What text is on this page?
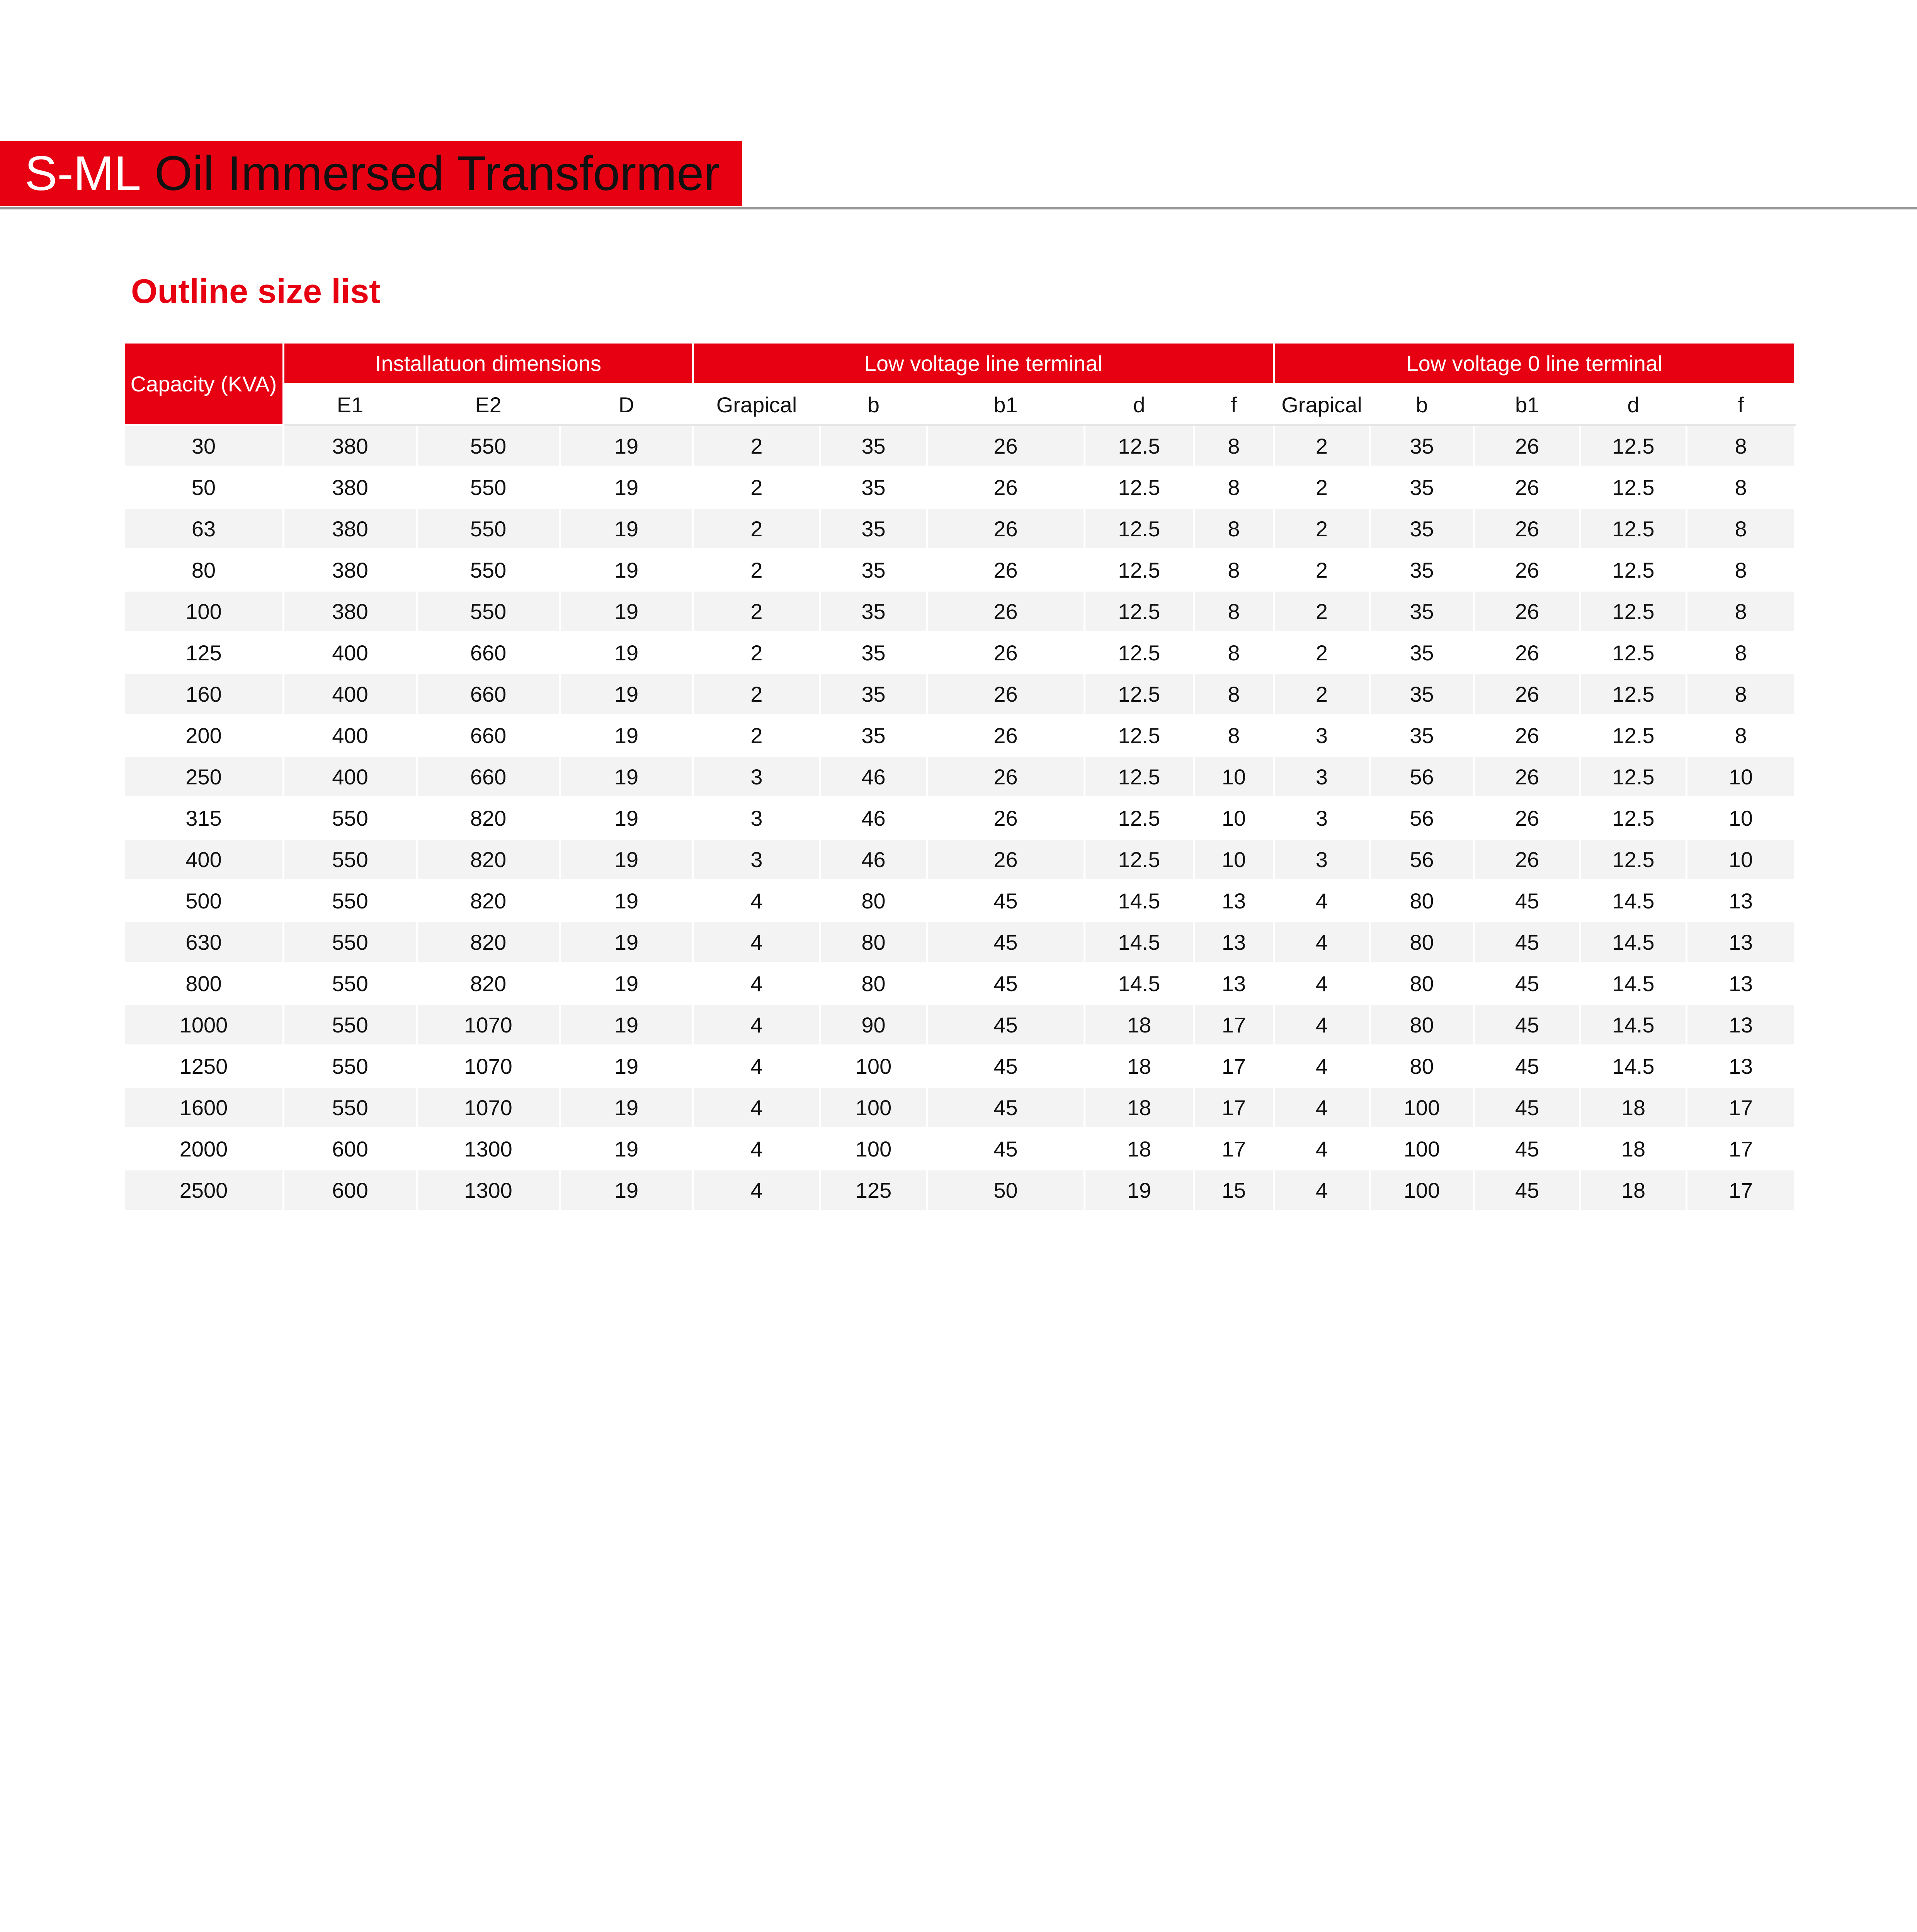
S-ML Oil Immersed Transformer
Outline size list
Capacity (KVA)	Installatuon dimensions			Low voltage line terminal					Low voltage 0 line terminal				
	E1	E2	D	Grapical	b	b1	d	f	Grapical	b	b1	d	f
30	380	550	19	2	35	26	12.5	8	2	35	26	12.5	8
50	380	550	19	2	35	26	12.5	8	2	35	26	12.5	8
63	380	550	19	2	35	26	12.5	8	2	35	26	12.5	8
80	380	550	19	2	35	26	12.5	8	2	35	26	12.5	8
100	380	550	19	2	35	26	12.5	8	2	35	26	12.5	8
125	400	660	19	2	35	26	12.5	8	2	35	26	12.5	8
160	400	660	19	2	35	26	12.5	8	2	35	26	12.5	8
200	400	660	19	2	35	26	12.5	8	3	35	26	12.5	8
250	400	660	19	3	46	26	12.5	10	3	56	26	12.5	10
315	550	820	19	3	46	26	12.5	10	3	56	26	12.5	10
400	550	820	19	3	46	26	12.5	10	3	56	26	12.5	10
500	550	820	19	4	80	45	14.5	13	4	80	45	14.5	13
630	550	820	19	4	80	45	14.5	13	4	80	45	14.5	13
800	550	820	19	4	80	45	14.5	13	4	80	45	14.5	13
1000	550	1070	19	4	90	45	18	17	4	80	45	14.5	13
1250	550	1070	19	4	100	45	18	17	4	80	45	14.5	13
1600	550	1070	19	4	100	45	18	17	4	100	45	18	17
2000	600	1300	19	4	100	45	18	17	4	100	45	18	17
2500	600	1300	19	4	125	50	19	15	4	100	45	18	17
